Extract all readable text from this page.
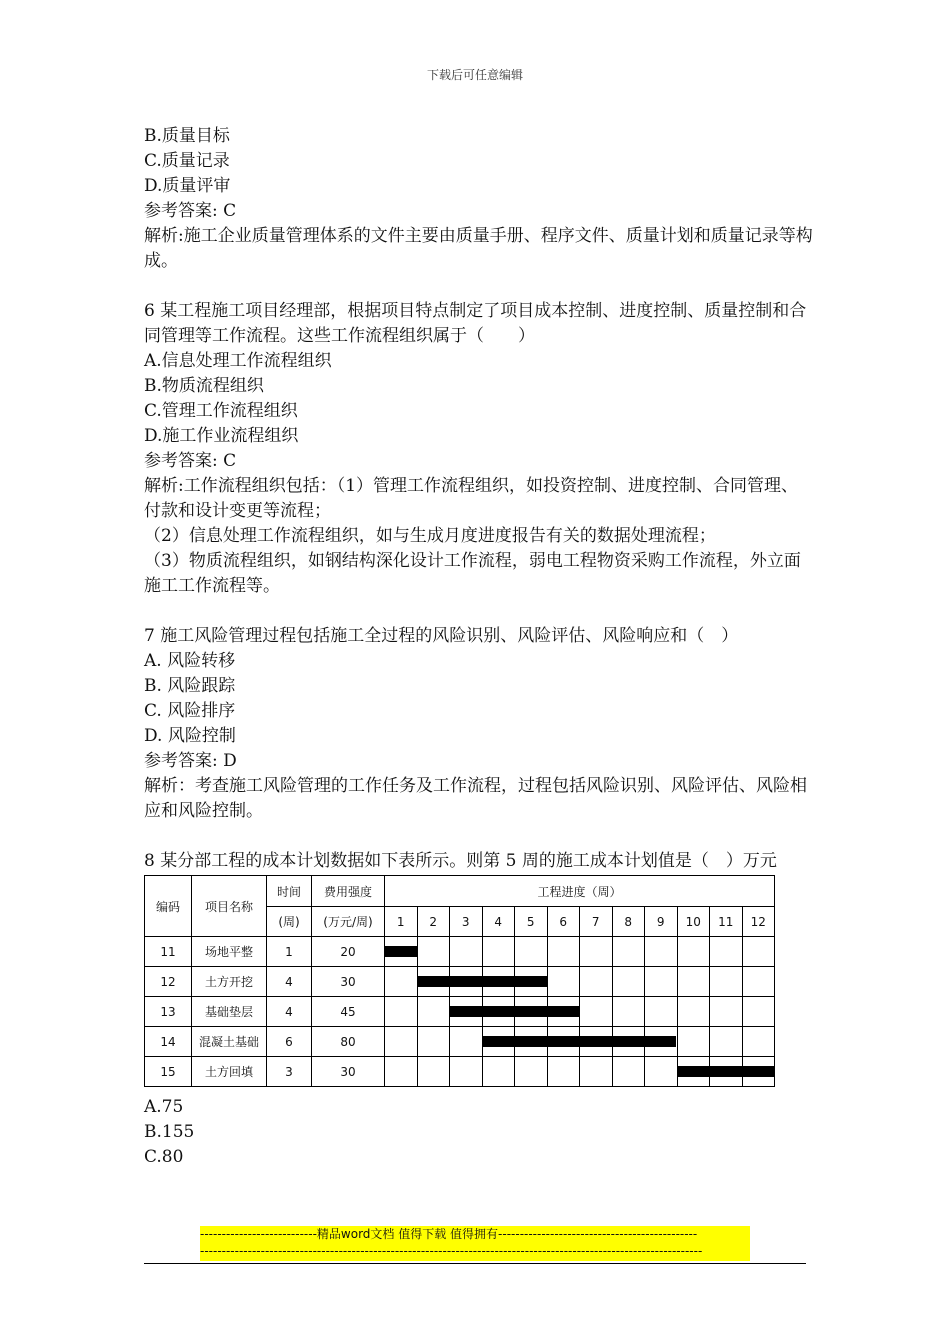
下载后可任意编辑
B.质量目标
C.质量记录
D.质量评审
参考答案: C
解析:施工企业质量管理体系的文件主要由质量手册、程序文件、质量计划和质量记录等构成。
6 某工程施工项目经理部，根据项目特点制定了项目成本控制、进度控制、质量控制和合同管理等工作流程。这些工作流程组织属于（　　）
A.信息处理工作流程组织
B.物质流程组织
C.管理工作流程组织
D.施工作业流程组织
参考答案: C
解析:工作流程组织包括：（1）管理工作流程组织，如投资控制、进度控制、合同管理、付款和设计变更等流程；
（2）信息处理工作流程组织，如与生成月度进度报告有关的数据处理流程；
（3）物质流程组织，如钢结构深化设计工作流程，弱电工程物资采购工作流程，外立面施工工作流程等。
7 施工风险管理过程包括施工全过程的风险识别、风险评估、风险响应和（　）
A. 风险转移
B. 风险跟踪
C. 风险排序
D. 风险控制
参考答案: D
解析：考查施工风险管理的工作任务及工作流程，过程包括风险识别、风险评估、风险相应和风险控制。
8 某分部工程的成本计划数据如下表所示。则第 5 周的施工成本计划值是（　）万元
编码	项目名称	时间	费用强度	工程进度（周）											
		(周)	(万元/周)	1	2	3	4	5	6	7	8	9	10	11	12
11	场地平整	1	20	

12	土方开挖	4	30		

13	基础垫层	4	45			

14	混凝土基础	6	80				

15	土方回填	3	30										

A.75
B.155
C.80
---------------------------精品word文档 值得下载 值得拥有----------------------------------------------
--------------------------------------------------------------------------------------------------------------------
